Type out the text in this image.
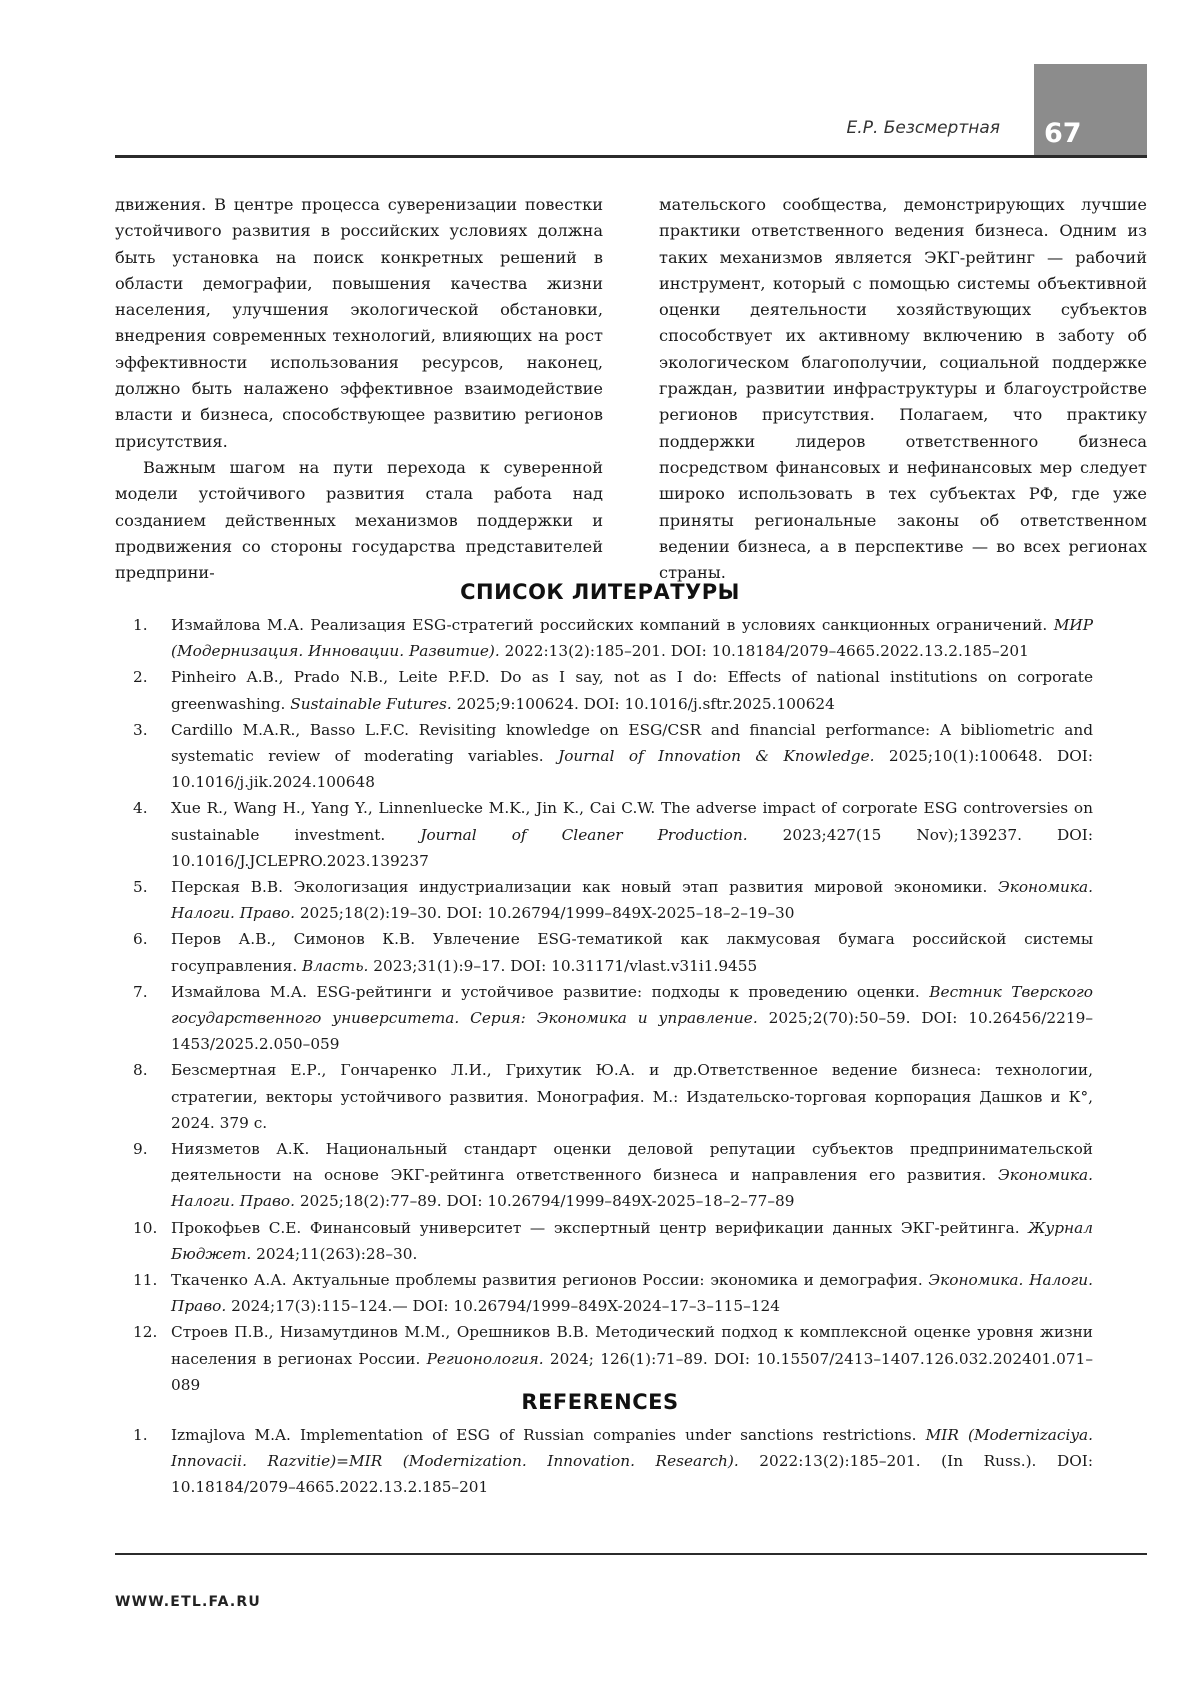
67
Е.Р. Безсмертная

движения. В центре процесса суверенизации повестки устойчивого развития в российских условиях должна быть установка на поиск конкретных решений в области демографии, повышения качества жизни населения, улучшения экологической обстановки, внедрения современных технологий, влияющих на рост эффективности использования ресурсов, наконец, должно быть налажено эффективное взаимодействие власти и бизнеса, способствующее развитию регионов присутствия.

Важным шагом на пути перехода к суверенной модели устойчивого развития стала работа над созданием действенных механизмов поддержки и продвижения со стороны государства представителей предприни-

мательского сообщества, демонстрирующих лучшие практики ответственного ведения бизнеса. Одним из таких механизмов является ЭКГ-рейтинг — рабочий инструмент, который с помощью системы объективной оценки деятельности хозяйствующих субъектов способствует их активному включению в заботу об экологическом благополучии, социальной поддержке граждан, развитии инфраструктуры и благоустройстве регионов присутствия. Полагаем, что практику поддержки лидеров ответственного бизнеса посредством финансовых и нефинансовых мер следует широко использовать в тех субъектах РФ, где уже приняты региональные законы об ответственном ведении бизнеса, а в перспективе — во всех регионах страны.

СПИСОК ЛИТЕРАТУРЫ
1. Измайлова М.А. Реализация ESG-стратегий российских компаний в условиях санкционных ограничений. МИР (Модернизация. Инновации. Развитие). 2022:13(2):185–201. DOI: 10.18184/2079–4665.2022.13.2.185–201
2. Pinheiro A.B., Prado N.B., Leite P.F.D. Do as I say, not as I do: Effects of national institutions on corporate greenwashing. Sustainable Futures. 2025;9:100624. DOI: 10.1016/j.sftr.2025.100624
3. Cardillo M.A.R., Basso L.F.C. Revisiting knowledge on ESG/CSR and financial performance: A bibliometric and systematic review of moderating variables. Journal of Innovation & Knowledge. 2025;10(1):100648. DOI: 10.1016/j.jik.2024.100648
4. Xue R., Wang H., Yang Y., Linnenluecke M.K., Jin K., Cai C.W. The adverse impact of corporate ESG controversies on sustainable investment. Journal of Cleaner Production. 2023;427(15 Nov);139237. DOI: 10.1016/J.JCLEPRO.2023.139237
5. Перская В.В. Экологизация индустриализации как новый этап развития мировой экономики. Экономика. Налоги. Право. 2025;18(2):19–30. DOI: 10.26794/1999–849X-2025–18–2–19–30
6. Перов А.В., Симонов К.В. Увлечение ESG-тематикой как лакмусовая бумага российской системы госуправления. Власть. 2023;31(1):9–17. DOI: 10.31171/vlast.v31i1.9455
7. Измайлова М.А. ESG-рейтинги и устойчивое развитие: подходы к проведению оценки. Вестник Тверского государственного университета. Серия: Экономика и управление. 2025;2(70):50–59. DOI: 10.26456/2219–1453/2025.2.050–059
8. Безсмертная Е.Р., Гончаренко Л.И., Грихутик Ю.А. и др.Ответственное ведение бизнеса: технологии, стратегии, векторы устойчивого развития. Монография. М.: Издательско-торговая корпорация Дашков и К°, 2024. 379 с.
9. Ниязметов А.К. Национальный стандарт оценки деловой репутации субъектов предпринимательской деятельности на основе ЭКГ-рейтинга ответственного бизнеса и направления его развития. Экономика. Налоги. Право. 2025;18(2):77–89. DOI: 10.26794/1999–849X-2025–18–2–77–89
10. Прокофьев С.Е. Финансовый университет — экспертный центр верификации данных ЭКГ-рейтинга. Журнал Бюджет. 2024;11(263):28–30.
11. Ткаченко А.А. Актуальные проблемы развития регионов России: экономика и демография. Экономика. Налоги. Право. 2024;17(3):115–124.— DOI: 10.26794/1999–849X-2024–17–3–115–124
12. Строев П.В., Низамутдинов М.М., Орешников В.В. Методический подход к комплексной оценке уровня жизни населения в регионах России. Регионология. 2024; 126(1):71–89. DOI: 10.15507/2413–1407.126.032.202401.071–089
REFERENCES
1. Izmajlova M.A. Implementation of ESG of Russian companies under sanctions restrictions. MIR (Modernizaciya. Innovacii. Razvitie)=MIR (Modernization. Innovation. Research). 2022:13(2):185–201. (In Russ.). DOI: 10.18184/2079–4665.2022.13.2.185–201
WWW.ETL.FA.RU
